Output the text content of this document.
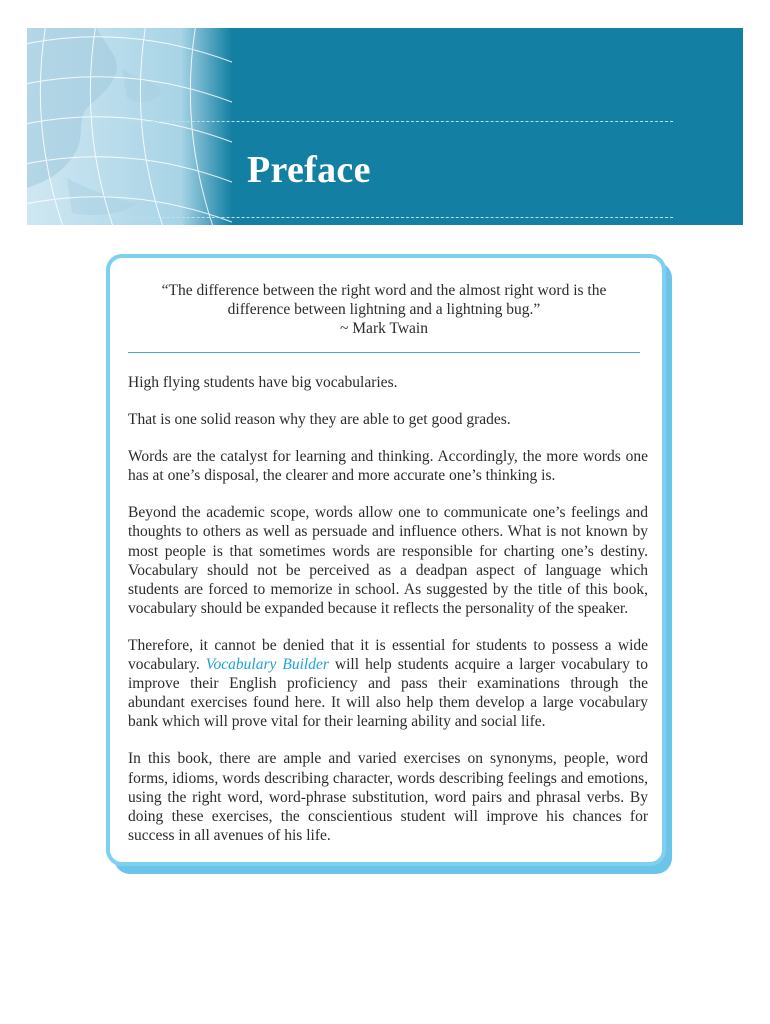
Preface
“The difference between the right word and the almost right word is the
difference between lightning and a lightning bug.”
~ Mark Twain

High flying students have big vocabularies.

That is one solid reason why they are able to get good grades.

Words are the catalyst for learning and thinking. Accordingly, the more words one has at one’s disposal, the clearer and more accurate one’s thinking is.

Beyond the academic scope, words allow one to communicate one’s feelings and thoughts to others as well as persuade and influence others. What is not known by most people is that sometimes words are responsible for charting one’s destiny. Vocabulary should not be perceived as a deadpan aspect of language which students are forced to memorize in school. As suggested by the title of this book, vocabulary should be expanded because it reflects the personality of the speaker.

Therefore, it cannot be denied that it is essential for students to possess a wide vocabulary. Vocabulary Builder will help students acquire a larger vocabulary to improve their English proficiency and pass their examinations through the abundant exercises found here. It will also help them develop a large vocabulary bank which will prove vital for their learning ability and social life.

In this book, there are ample and varied exercises on synonyms, people, word forms, idioms, words describing character, words describing feelings and emotions, using the right word, word-phrase substitution, word pairs and phrasal verbs. By doing these exercises, the conscientious student will improve his chances for success in all avenues of his life.
